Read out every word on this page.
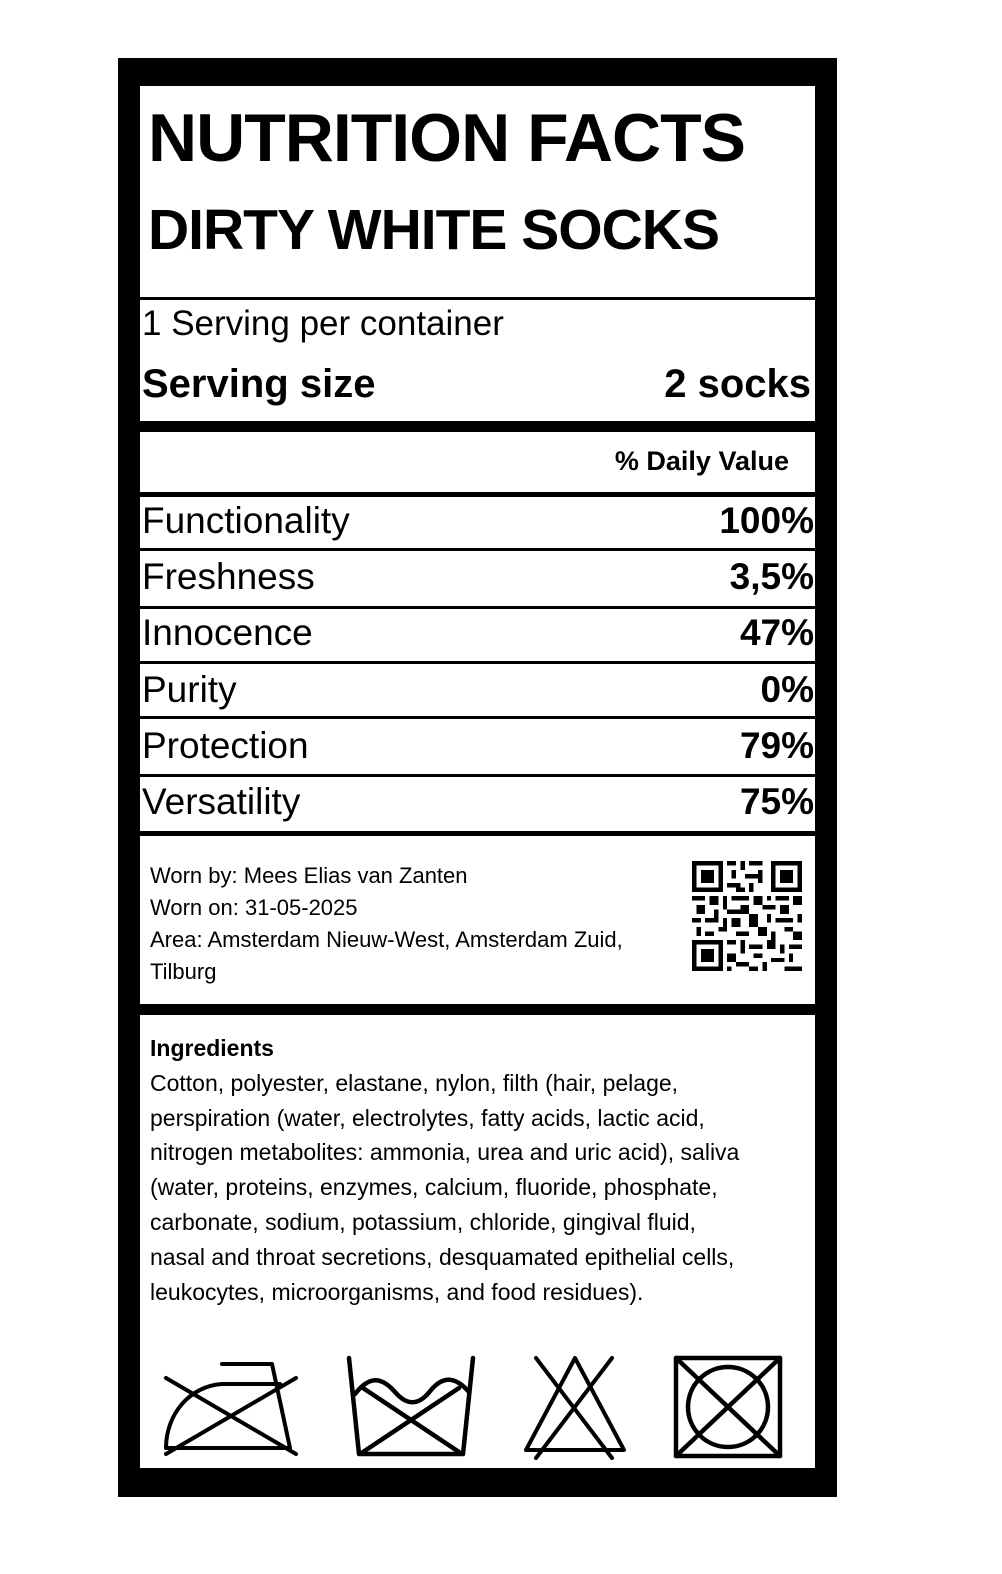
NUTRITION FACTS
DIRTY WHITE SOCKS
1 Serving per container
Serving size	2 socks
% Daily Value
Functionality	100%
Freshness	3,5%
Innocence	47%
Purity	0%
Protection	79%
Versatility	75%
Worn by: Mees Elias van Zanten
Worn on: 31-05-2025
Area: Amsterdam Nieuw-West, Amsterdam Zuid, Tilburg
Ingredients
Cotton, polyester, elastane, nylon, filth (hair, pelage, perspiration (water, electrolytes, fatty acids, lactic acid, nitrogen metabolites: ammonia, urea and uric acid), saliva (water, proteins, enzymes, calcium, fluoride, phosphate, carbonate, sodium, potassium, chloride, gingival fluid, nasal and throat secretions, desquamated epithelial cells, leukocytes, microorganisms, and food residues).
